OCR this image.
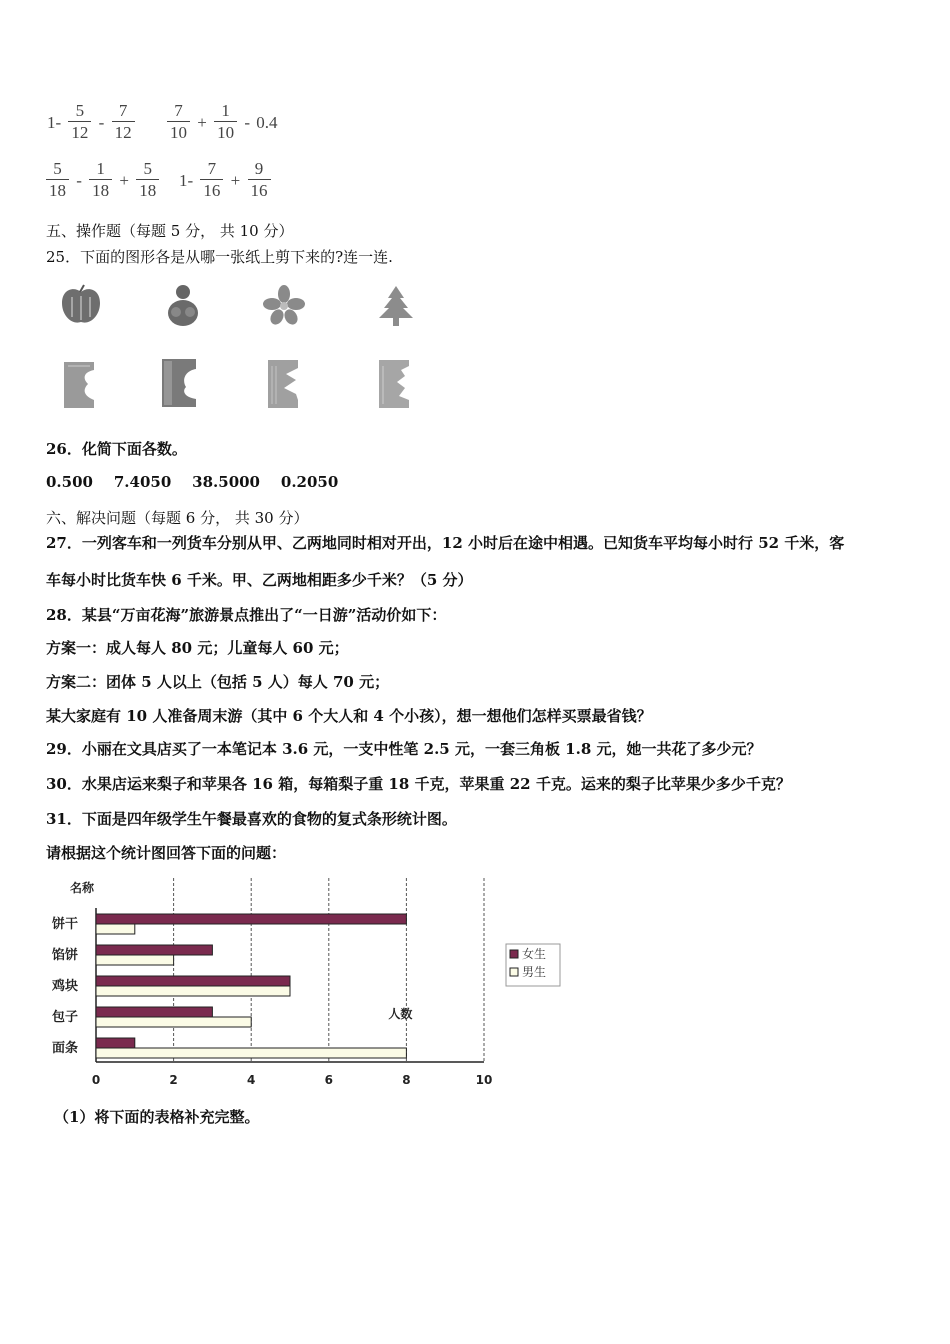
$1- \frac{5}{12} - \frac{7}{12} \frac{7}{10} + \frac{1}{10} - 0.4$
$\frac{5}{18} - \frac{1}{18} + \frac{5}{18} 1- \frac{7}{16} + \frac{9}{16}$
五、操作题（每题 5 分， 共 10 分）
25．下面的图形各是从哪一张纸上剪下来的?连一连.
26．化简下面各数。
0.500    7.4050    38.5000    0.2050
六、解决问题（每题 6 分， 共 30 分）
27．一列客车和一列货车分别从甲、乙两地同时相对开出，12 小时后在途中相遇。已知货车平均每小时行 52 千米，客
车每小时比货车快 6 千米。甲、乙两地相距多少千米？（5 分）
28．某县“万亩花海”旅游景点推出了“一日游”活动价如下：
方案一：成人每人 80 元；儿童每人 60 元；
方案二：团体 5 人以上（包括 5 人）每人 70 元；
某大家庭有 10 人准备周末游（其中 6 个大人和 4 个小孩），想一想他们怎样买票最省钱？
29．小丽在文具店买了一本笔记本 3.6 元，一支中性笔 2.5 元，一套三角板 1.8 元，她一共花了多少元？
30．水果店运来梨子和苹果各 16 箱，每箱梨子重 18 千克，苹果重 22 千克。运来的梨子比苹果少多少千克？
31．下面是四年级学生午餐最喜欢的食物的复式条形统计图。
请根据这个统计图回答下面的问题：
0	2	4	6	8	10
名称
人数
饼干
馅饼
鸡块
包子
面条
女生
男生
（1）将下面的表格补充完整。
